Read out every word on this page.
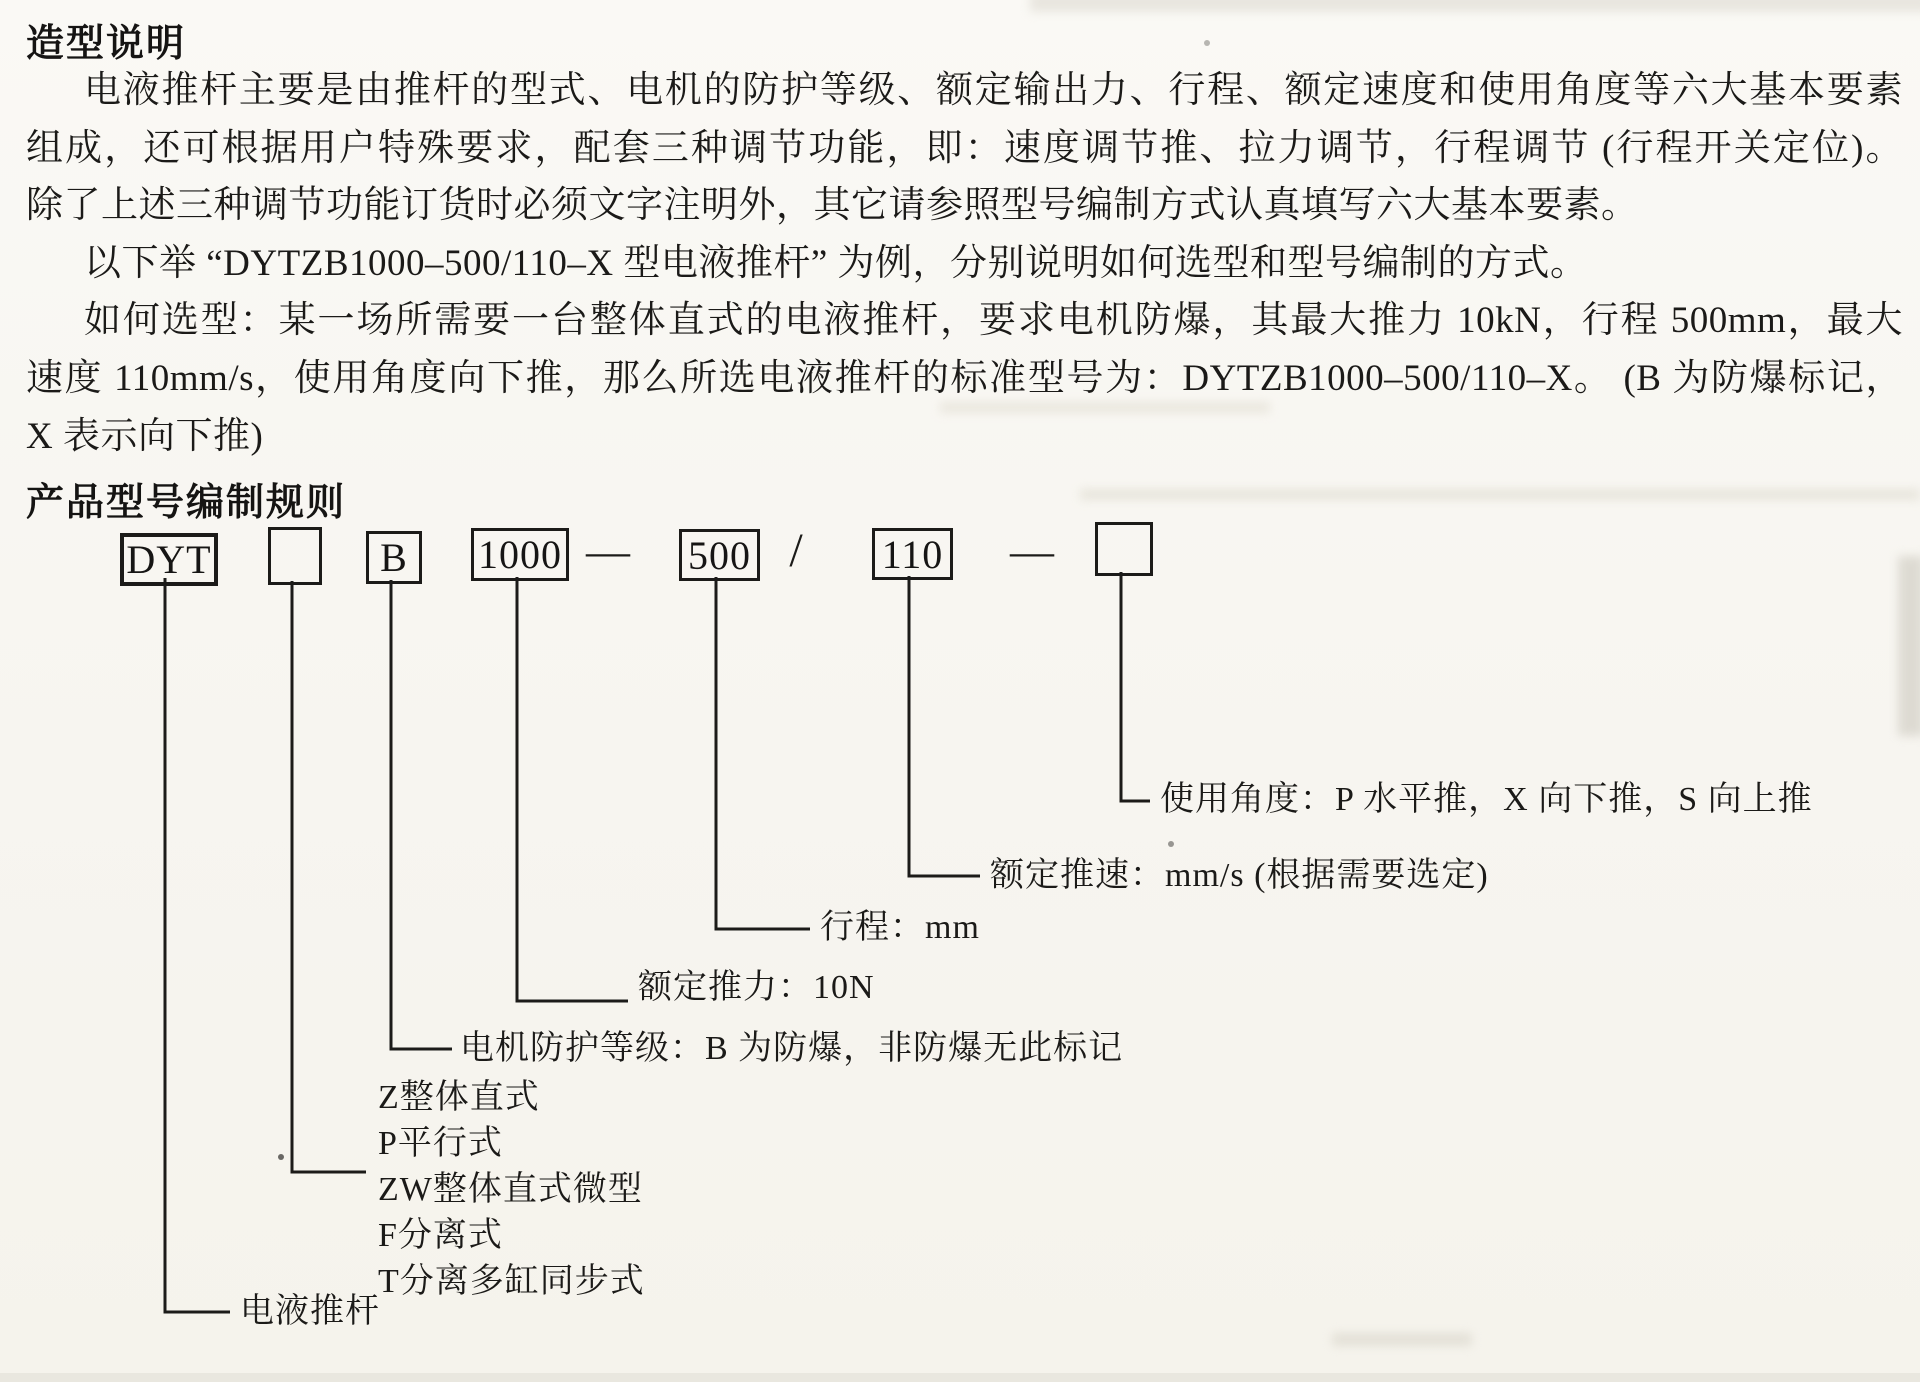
造型说明

电液推杆主要是由推杆的型式、电机的防护等级、额定输出力、行程、额定速度和使用角度等六大基本要素

组成，还可根据用户特殊要求，配套三种调节功能，即：速度调节推、拉力调节，行程调节 (行程开关定位)。

除了上述三种调节功能订货时必须文字注明外，其它请参照型号编制方式认真填写六大基本要素。

以下举 “DYTZB1000–500/110–X 型电液推杆” 为例，分别说明如何选型和型号编制的方式。

如何选型：某一场所需要一台整体直式的电液推杆，要求电机防爆，其最大推力 10kN，行程 500mm，最大

速度 110mm/s，使用角度向下推，那么所选电液推杆的标准型号为：DYTZB1000–500/110–X。 (B 为防爆标记，

X 表示向下推)

产品型号编制规则
DYT	B	1000 — 500 /	110 —
使用角度：P 水平推，X 向下推，S 向上推
额定推速：mm/s (根据需要选定)
行程：mm
额定推力：10N
电机防护等级：B 为防爆，非防爆无此标记
Z整体直式
P平行式
ZW整体直式微型
F分离式
T分离多缸同步式
电液推杆
